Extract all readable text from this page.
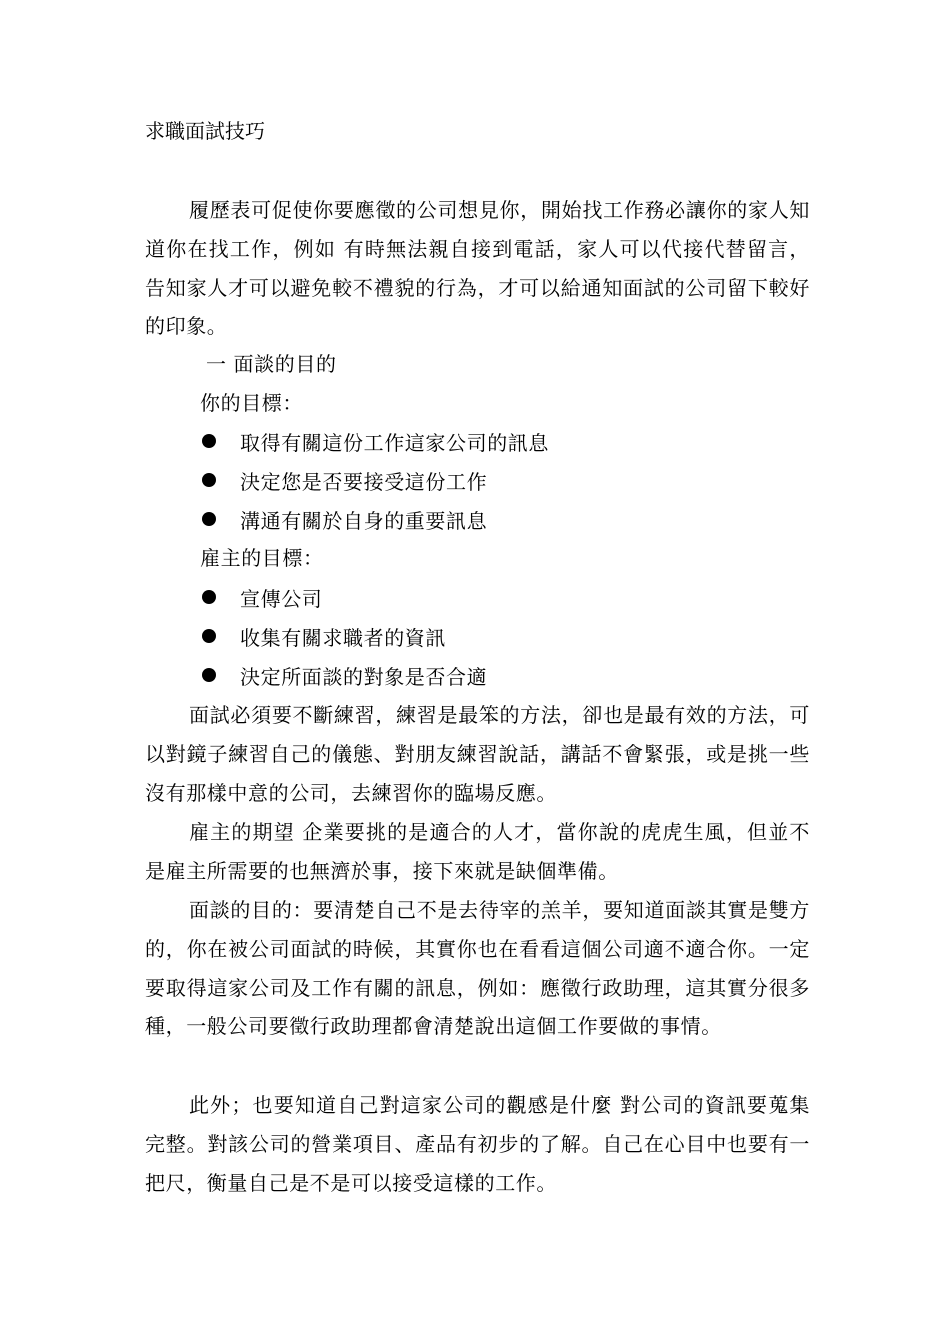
求職面試技巧

履歷表可促使你要應徵的公司想見你，開始找工作務必讓你的家人知道你在找工作，例如 有時無法親自接到電話，家人可以代接代替留言，告知家人才可以避免較不禮貌的行為，才可以給通知面試的公司留下較好的印象。

一 面談的目的
你的目標：
取得有關這份工作這家公司的訊息
決定您是否要接受這份工作
溝通有關於自身的重要訊息
雇主的目標：
宣傳公司
收集有關求職者的資訊
決定所面談的對象是否合適

面試必須要不斷練習，練習是最笨的方法，卻也是最有效的方法，可以對鏡子練習自己的儀態、對朋友練習說話，講話不會緊張，或是挑一些沒有那樣中意的公司，去練習你的臨場反應。

雇主的期望 企業要挑的是適合的人才，當你說的虎虎生風，但並不是雇主所需要的也無濟於事，接下來就是缺個準備。

面談的目的：要清楚自己不是去待宰的羔羊，要知道面談其實是雙方的，你在被公司面試的時候，其實你也在看看這個公司適不適合你。一定要取得這家公司及工作有關的訊息，例如：應徵行政助理，這其實分很多種，一般公司要徵行政助理都會清楚說出這個工作要做的事情。

此外；也要知道自己對這家公司的觀感是什麼 對公司的資訊要蒐集完整。對該公司的營業項目、產品有初步的了解。自己在心目中也要有一把尺，衡量自己是不是可以接受這樣的工作。
